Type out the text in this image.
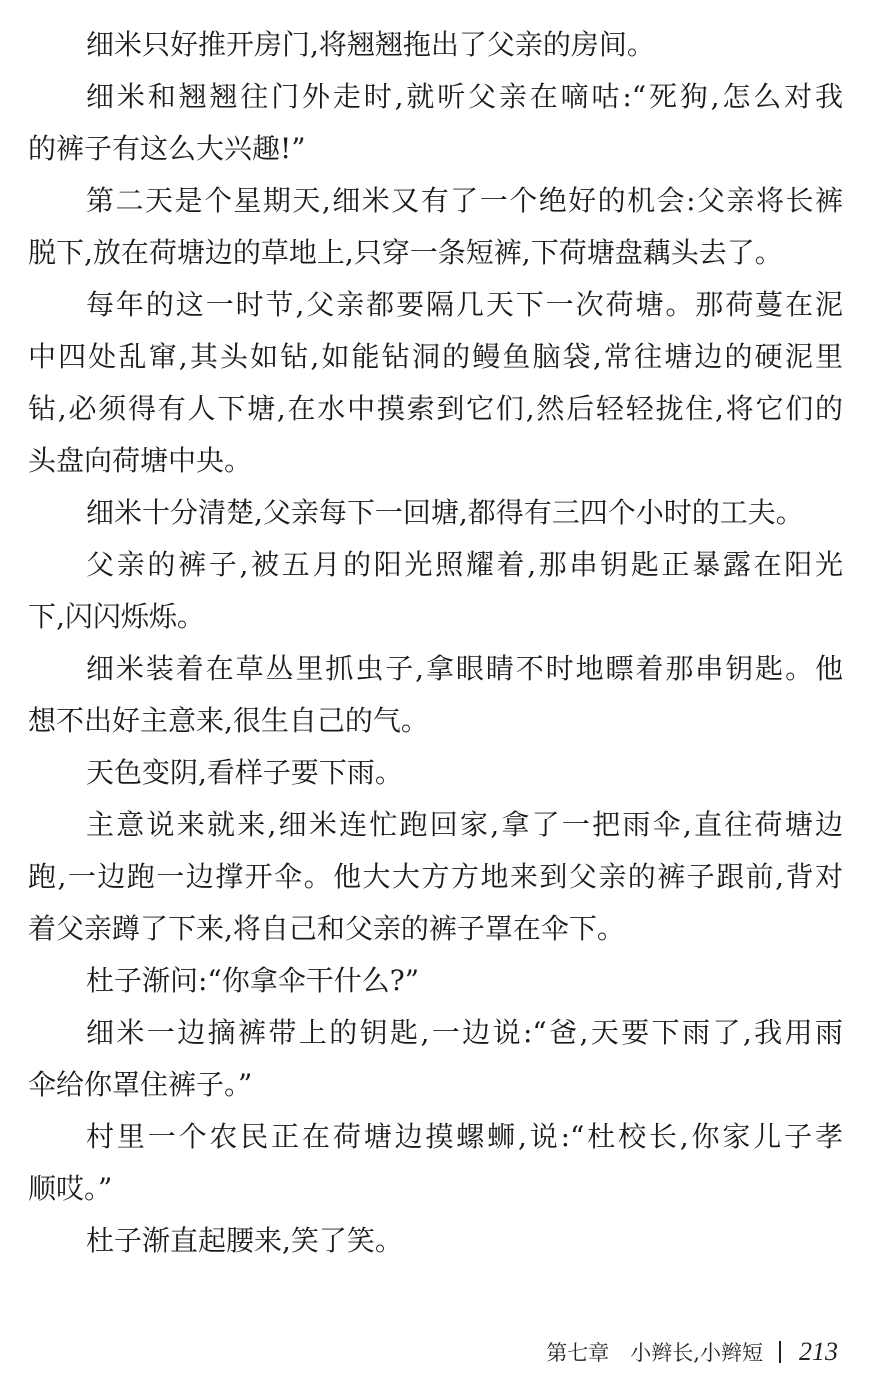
细米只好推开房门,将翘翘拖出了父亲的房间。
细米和翘翘往门外走时,就听父亲在嘀咕:“死狗,怎么对我
的裤子有这么大兴趣!”
第二天是个星期天,细米又有了一个绝好的机会:父亲将长裤
脱下,放在荷塘边的草地上,只穿一条短裤,下荷塘盘藕头去了。
每年的这一时节,父亲都要隔几天下一次荷塘。那荷蔓在泥
中四处乱窜,其头如钻,如能钻洞的鳗鱼脑袋,常往塘边的硬泥里
钻,必须得有人下塘,在水中摸索到它们,然后轻轻拢住,将它们的
头盘向荷塘中央。
细米十分清楚,父亲每下一回塘,都得有三四个小时的工夫。
父亲的裤子,被五月的阳光照耀着,那串钥匙正暴露在阳光
下,闪闪烁烁。
细米装着在草丛里抓虫子,拿眼睛不时地瞟着那串钥匙。他
想不出好主意来,很生自己的气。
天色变阴,看样子要下雨。
主意说来就来,细米连忙跑回家,拿了一把雨伞,直往荷塘边
跑,一边跑一边撑开伞。他大大方方地来到父亲的裤子跟前,背对
着父亲蹲了下来,将自己和父亲的裤子罩在伞下。
杜子渐问:“你拿伞干什么?”
细米一边摘裤带上的钥匙,一边说:“爸,天要下雨了,我用雨
伞给你罩住裤子。”
村里一个农民正在荷塘边摸螺蛳,说:“杜校长,你家儿子孝
顺哎。”
杜子渐直起腰来,笑了笑。
第七章　小辫长,小辫短 213
